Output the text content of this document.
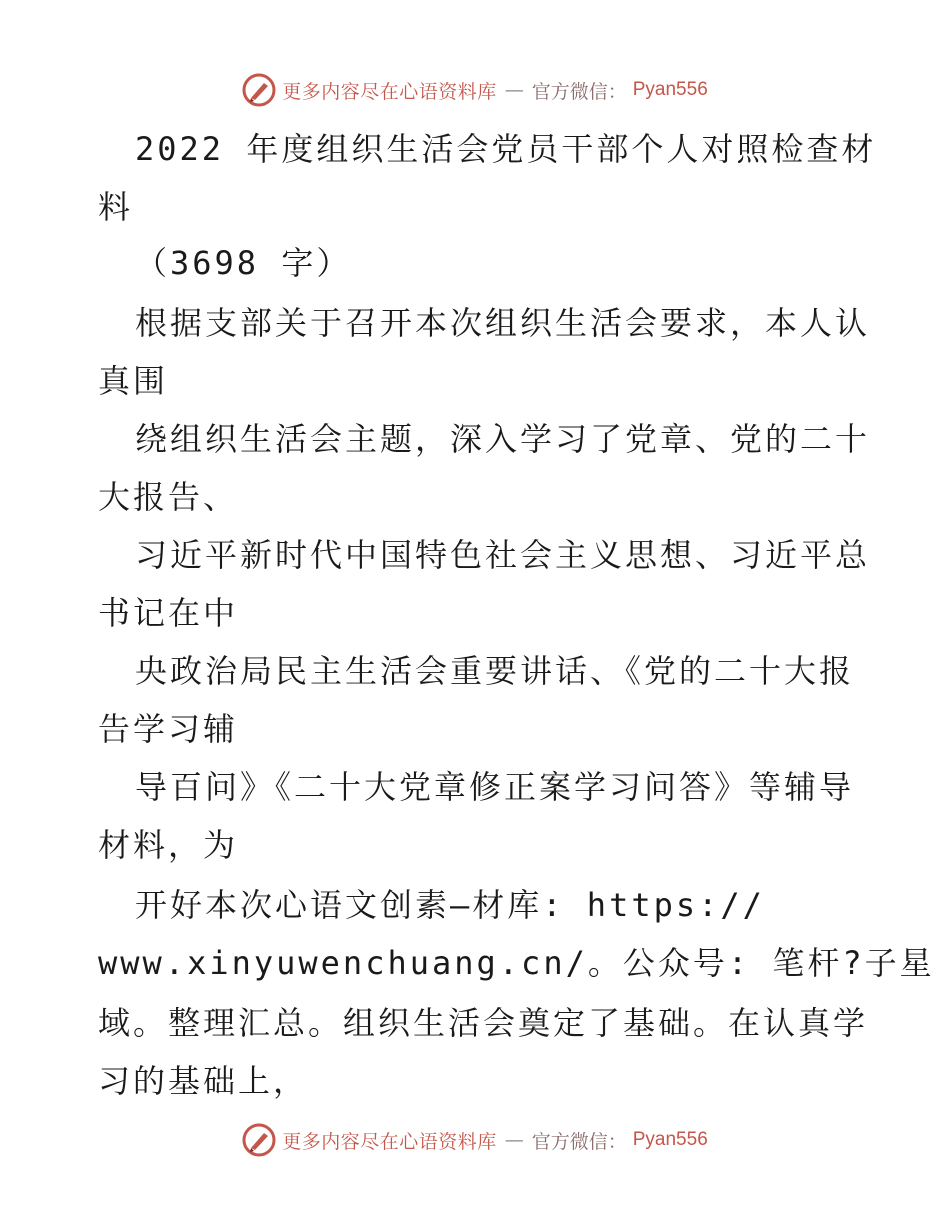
更多内容尽在心语资料库 — 官方微信： Pyan556
2022 年度组织生活会党员干部个人对照检查材
料
（3698 字）
根据支部关于召开本次组织生活会要求，本人认
真围
绕组织生活会主题，深入学习了党章、党的二十
大报告、
习近平新时代中国特色社会主义思想、习近平总
书记在中
央政治局民主生活会重要讲话、《党的二十大报
告学习辅
导百问》《二十大党章修正案学习问答》等辅导
材料，为
开好本次心语文创素—材库: https://
www.xinyuwenchuang.cn/。公众号: 笔杆?子星
域。整理汇总。组织生活会奠定了基础。在认真学
习的基础上，
更多内容尽在心语资料库 — 官方微信： Pyan556
